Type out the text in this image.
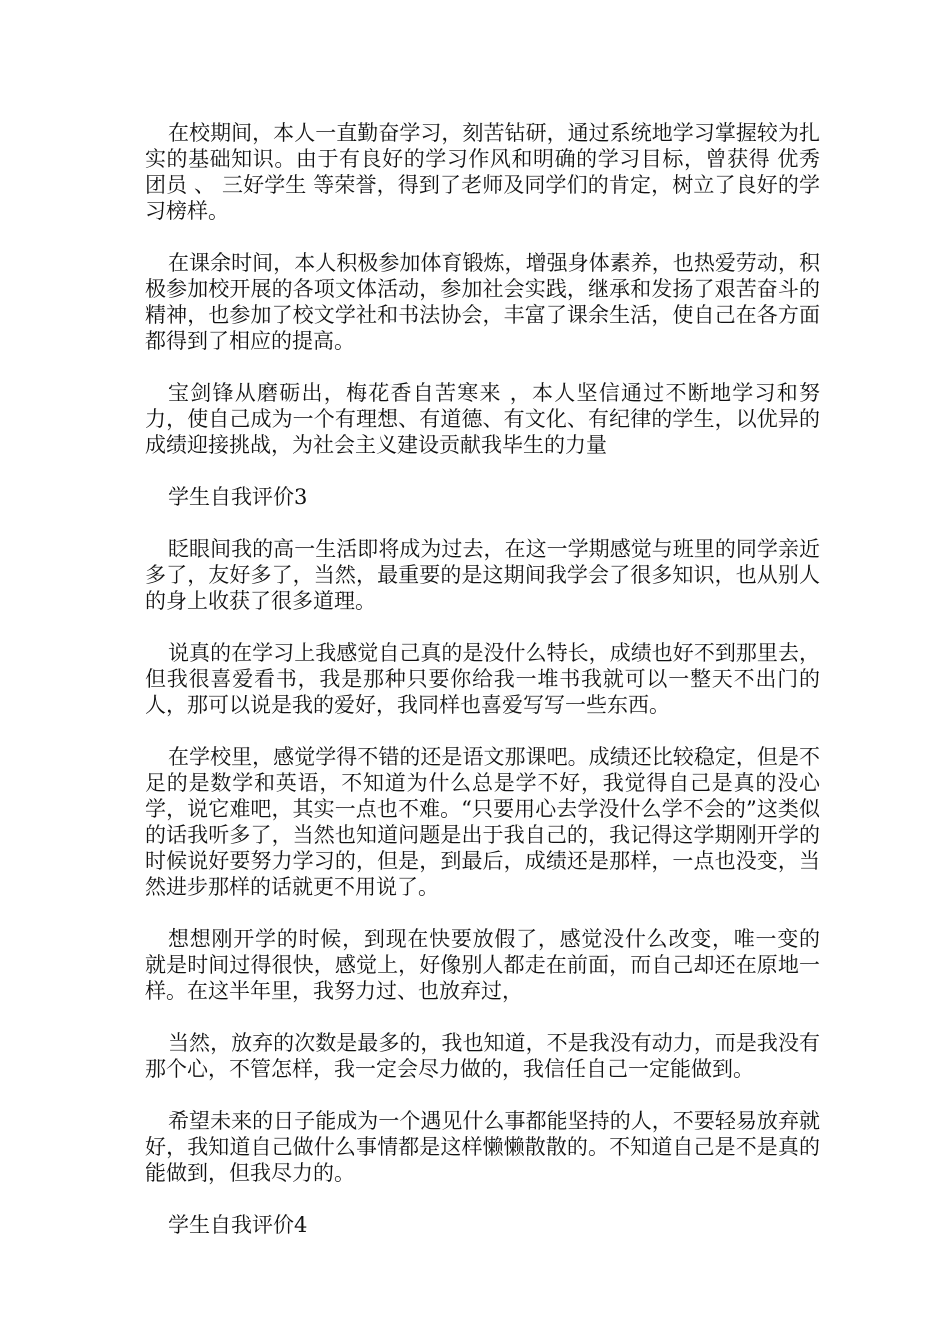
在校期间，本人一直勤奋学习，刻苦钻研，通过系统地学习掌握较为扎实的基础知识。由于有良好的学习作风和明确的学习目标，曾获得 优秀团员 、 三好学生 等荣誉，得到了老师及同学们的肯定，树立了良好的学习榜样。

在课余时间，本人积极参加体育锻炼，增强身体素养，也热爱劳动，积极参加校开展的各项文体活动，参加社会实践，继承和发扬了艰苦奋斗的精神，也参加了校文学社和书法协会，丰富了课余生活，使自己在各方面都得到了相应的提高。

宝剑锋从磨砺出，梅花香自苦寒来 ，本人坚信通过不断地学习和努力，使自己成为一个有理想、有道德、有文化、有纪律的学生，以优异的成绩迎接挑战，为社会主义建设贡献我毕生的力量

学生自我评价3

眨眼间我的高一生活即将成为过去，在这一学期感觉与班里的同学亲近多了，友好多了，当然，最重要的是这期间我学会了很多知识，也从别人的身上收获了很多道理。

说真的在学习上我感觉自己真的是没什么特长，成绩也好不到那里去，但我很喜爱看书，我是那种只要你给我一堆书我就可以一整天不出门的人，那可以说是我的爱好，我同样也喜爱写写一些东西。

在学校里，感觉学得不错的还是语文那课吧。成绩还比较稳定，但是不足的是数学和英语，不知道为什么总是学不好，我觉得自己是真的没心学，说它难吧，其实一点也不难。“只要用心去学没什么学不会的”这类似的话我听多了，当然也知道问题是出于我自己的，我记得这学期刚开学的时候说好要努力学习的，但是，到最后，成绩还是那样，一点也没变，当然进步那样的话就更不用说了。

想想刚开学的时候，到现在快要放假了，感觉没什么改变，唯一变的 就是时间过得很快，感觉上，好像别人都走在前面，而自己却还在原地一样。在这半年里，我努力过、也放弃过，

当然，放弃的次数是最多的，我也知道，不是我没有动力，而是我没有那个心，不管怎样，我一定会尽力做的，我信任自己一定能做到。

希望未来的日子能成为一个遇见什么事都能坚持的人，不要轻易放弃就好，我知道自己做什么事情都是这样懒懒散散的。不知道自己是不是真的能做到，但我尽力的。

学生自我评价4
